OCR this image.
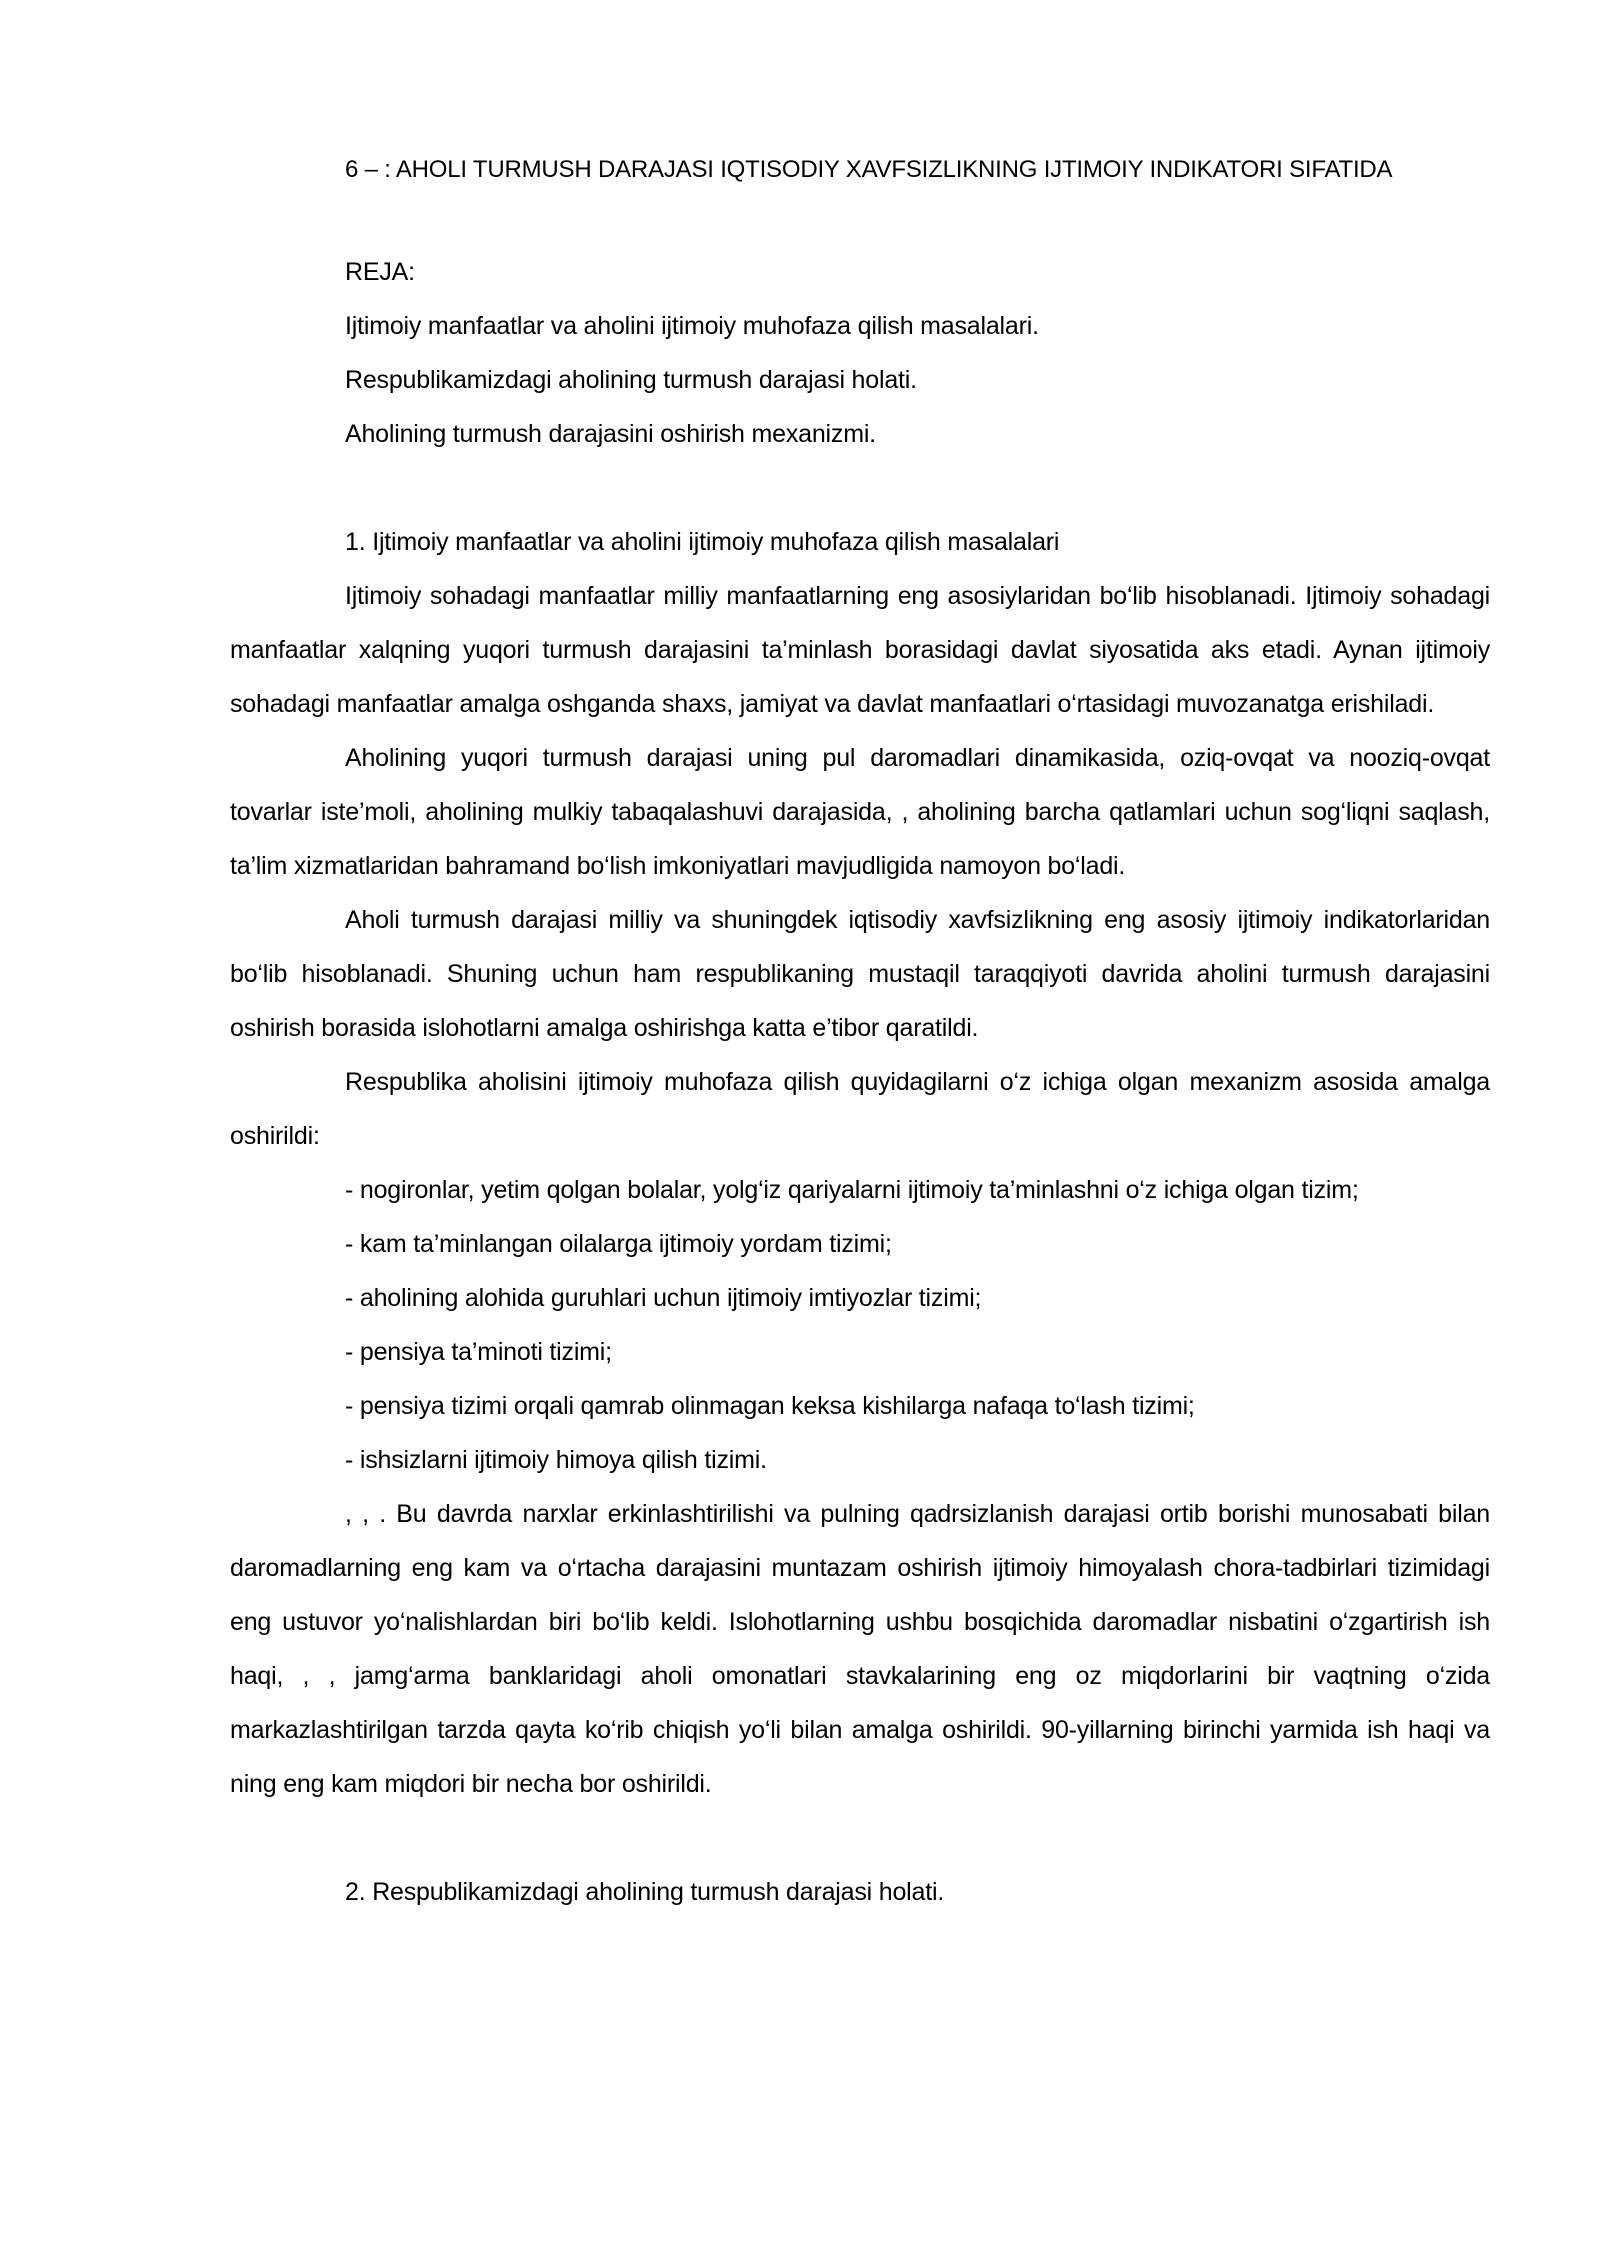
6 – : AHOLI TURMUSH DARAJASI IQTISODIY XAVFSIZLIKNING IJTIMOIY INDIKATORI SIFATIDA

REJA:

Ijtimoiy manfaatlar va aholini ijtimoiy muhofaza qilish masalalari.
Respublikamizdagi aholining turmush darajasi holati.
Aholining turmush darajasini oshirish mexanizmi.
1. Ijtimoiy manfaatlar va aholini ijtimoiy muhofaza qilish masalalari

Ijtimoiy sohadagi manfaatlar milliy manfaatlarning eng asosiylaridan bo‘lib hisoblanadi. Ijtimoiy sohadagi manfaatlar xalqning yuqori turmush darajasini ta’minlash borasidagi davlat siyosatida aks etadi. Aynan ijtimoiy sohadagi manfaatlar amalga oshganda shaxs, jamiyat va davlat manfaatlari o‘rtasidagi muvozanatga erishiladi.

Aholining yuqori turmush darajasi uning pul daromadlari dinamikasida, oziq-ovqat va nooziq-ovqat tovarlar iste’moli, aholining mulkiy tabaqalashuvi darajasida, , aholining barcha qatlamlari uchun sog‘liqni saqlash, ta’lim xizmatlaridan bahramand bo‘lish imkoniyatlari mavjudligida namoyon bo‘ladi.

Aholi turmush darajasi milliy va shuningdek iqtisodiy xavfsizlikning eng asosiy ijtimoiy indikatorlaridan bo‘lib hisoblanadi. Shuning uchun ham respublikaning mustaqil taraqqiyoti davrida aholini turmush darajasini oshirish borasida islohotlarni amalga oshirishga katta e’tibor qaratildi.

Respublika aholisini ijtimoiy muhofaza qilish quyidagilarni o‘z ichiga olgan mexanizm asosida amalga oshirildi:

- nogironlar, yetim qolgan bolalar, yolg‘iz qariyalarni ijtimoiy ta’minlashni o‘z ichiga olgan tizim;
- kam ta’minlangan oilalarga ijtimoiy yordam tizimi;
- aholining alohida guruhlari uchun ijtimoiy imtiyozlar tizimi;
- pensiya ta’minoti tizimi;
- pensiya tizimi orqali qamrab olinmagan keksa kishilarga nafaqa to‘lash tizimi;
- ishsizlarni ijtimoiy himoya qilish tizimi.

, , . Bu davrda narxlar erkinlashtirilishi va pulning qadrsizlanish darajasi ortib borishi munosabati bilan daromadlarning eng kam va o‘rtacha darajasini muntazam oshirish ijtimoiy himoyalash chora-tadbirlari tizimidagi eng ustuvor yo‘nalishlardan biri bo‘lib keldi. Islohotlarning ushbu bosqichida daromadlar nisbatini o‘zgartirish ish haqi, , , jamg‘arma banklaridagi aholi omonatlari stavkalarining eng oz miqdorlarini bir vaqtning o‘zida markazlashtirilgan tarzda qayta ko‘rib chiqish yo‘li bilan amalga oshirildi. 90-yillarning birinchi yarmida ish haqi va ning eng kam miqdori bir necha bor oshirildi.

2. Respublikamizdagi aholining turmush darajasi holati.
